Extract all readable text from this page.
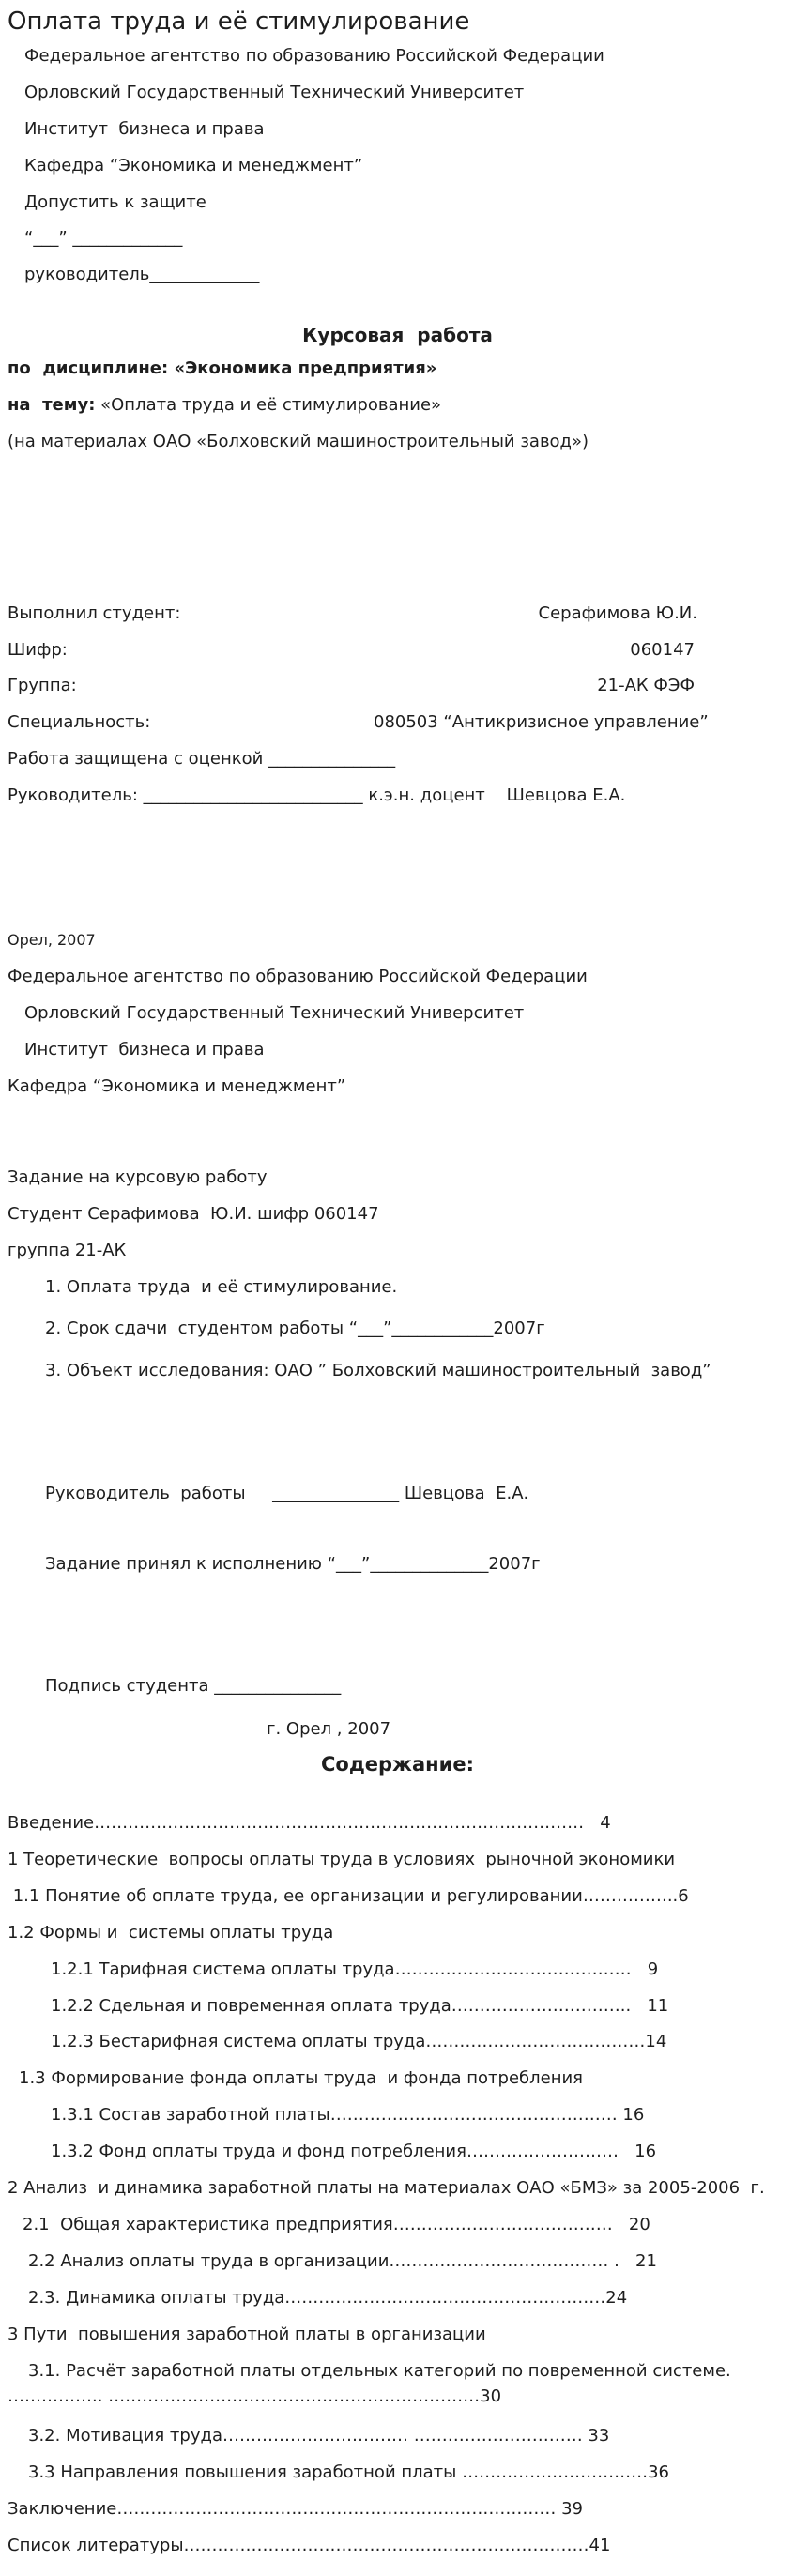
Оплата труда и её стимулирование
Федеральное агентство по образованию Российской Федерации
Орловский Государственный Технический Университет
Институт  бизнеса и права
Кафедра “Экономика и менеджмент”
Допустить к защите
“___” _____________
руководитель_____________
Курсовая  работа
по  дисциплине: «Экономика предприятия»
на  тему: «Оплата труда и её стимулирование»
(на материалах ОАО «Болховский машиностроительный завод»)
Выполнил студент:	Серафимова Ю.И.
Шифр:	060147
Группа:	21-АК ФЭФ
Специальность:	080503 “Антикризисное управление”
Работа защищена с оценкой _______________
Руководитель: __________________________ к.э.н. доцент    Шевцова Е.А.
Орел, 2007
Федеральное агентство по образованию Российской Федерации
Орловский Государственный Технический Университет
Институт  бизнеса и права
Кафедра “Экономика и менеджмент”
Задание на курсовую работу
Студент Серафимова  Ю.И. шифр 060147
группа 21-АК
1. Оплата труда  и её стимулирование.
2. Срок сдачи  студентом работы “___”____________2007г
3. Объект исследования: ОАО ” Болховский машиностроительный  завод”
Руководитель  работы     _______________ Шевцова  Е.А.
Задание принял к исполнению “___”______________2007г
Подпись студента _______________
г. Орел , 2007
Содержание:
Введение……………………………………………………………………………   4
1 Теоретические  вопросы оплаты труда в условиях  рыночной экономики
1.1 Понятие об оплате труда, ее организации и регулировании……………..6
1.2 Формы и  системы оплаты труда
1.2.1 Тарифная система оплаты труда……………………………………   9
1.2.2 Сдельная и повременная оплата труда…………………………..   11
1.2.3 Бестарифная система оплаты труда…………………………………14
1.3 Формирование фонда оплаты труда  и фонда потребления
1.3.1 Состав заработной платы…………………………………………… 16
1.3.2 Фонд оплаты труда и фонд потребления………………………   16
2 Анализ  и динамика заработной платы на материалах ОАО «БМЗ» за 2005-2006  г.
2.1  Общая характеристика предприятия…………………………………   20
2.2 Анализ оплаты труда в организации………………………………… .   21
2.3. Динамика оплаты труда…………………………………………………24
3 Пути  повышения заработной платы в организации
3.1. Расчёт заработной платы отдельных категорий по повременной системе.
…………….. …………………………………………………………30
3.2. Мотивация труда…………………………… ………………………… 33
3.3 Направления повышения заработной платы ……………………………36
Заключение…………………………………………………………………… 39
Список литературы………………………………………………………………41
